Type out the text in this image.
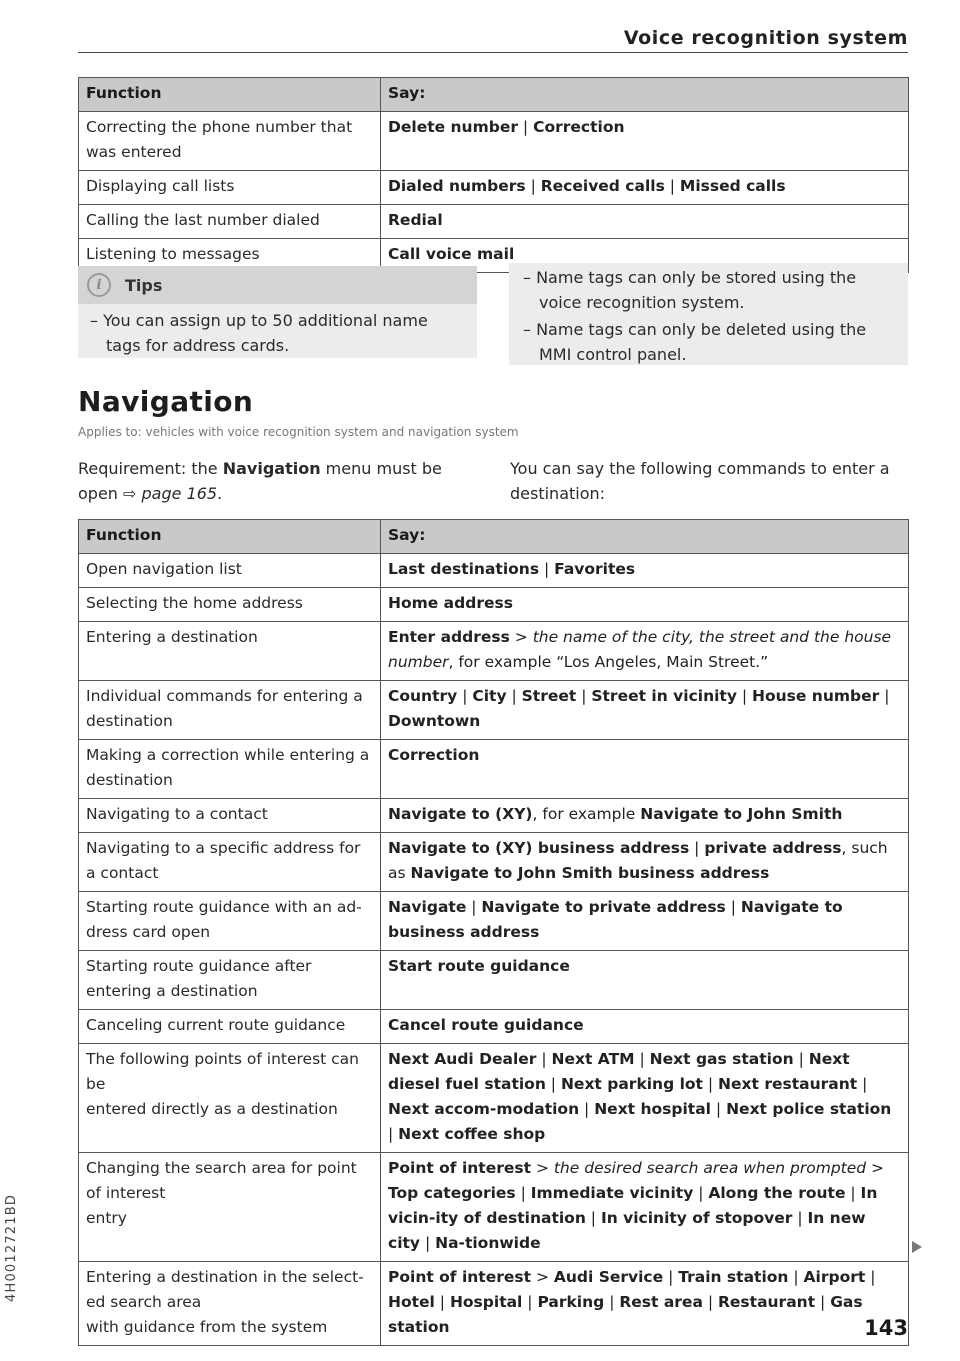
Voice recognition system
Function	Say:
Correcting the phone number that was entered	Delete number | Correction
Displaying call lists	Dialed numbers | Received calls | Missed calls
Calling the last number dialed	Redial
Listening to messages	Call voice mail
i	Tips
– You can assign up to 50 additional name tags for address cards.
– Name tags can only be stored using the voice recognition system.
– Name tags can only be deleted using the MMI control panel.
Navigation
Applies to: vehicles with voice recognition system and navigation system
Requirement: the Navigation menu must be open ⇨ page 165.
You can say the following commands to enter a destination:
Function	Say:
Open navigation list	Last destinations | Favorites
Selecting the home address	Home address
Entering a destination	Enter address > the name of the city, the street and the house number, for example “Los Angeles, Main Street.”
Individual commands for entering a destination	Country | City | Street | Street in vicinity | House number | Downtown
Making a correction while entering a destination	Correction
Navigating to a contact	Navigate to (XY), for example Navigate to John Smith
Navigating to a specific address for a contact	Navigate to (XY) business address | private address, such as Navigate to John Smith business address
Starting route guidance with an ad-dress card open	Navigate | Navigate to private address | Navigate to business address
Starting route guidance after entering a destination	Start route guidance
Canceling current route guidance	Cancel route guidance
The following points of interest can be
entered directly as a destination	Next Audi Dealer | Next ATM | Next gas station | Next diesel fuel station | Next parking lot | Next restaurant | Next accom-modation | Next hospital | Next police station | Next coffee shop
Changing the search area for point of interest
entry	Point of interest > the desired search area when prompted > Top categories | Immediate vicinity | Along the route | In vicin-ity of destination | In vicinity of stopover | In new city | Na-tionwide
Entering a destination in the select-ed search area
with guidance from the system	Point of interest > Audi Service | Train station | Airport | Hotel | Hospital | Parking | Rest area | Restaurant | Gas station
4H0012721BD
143
